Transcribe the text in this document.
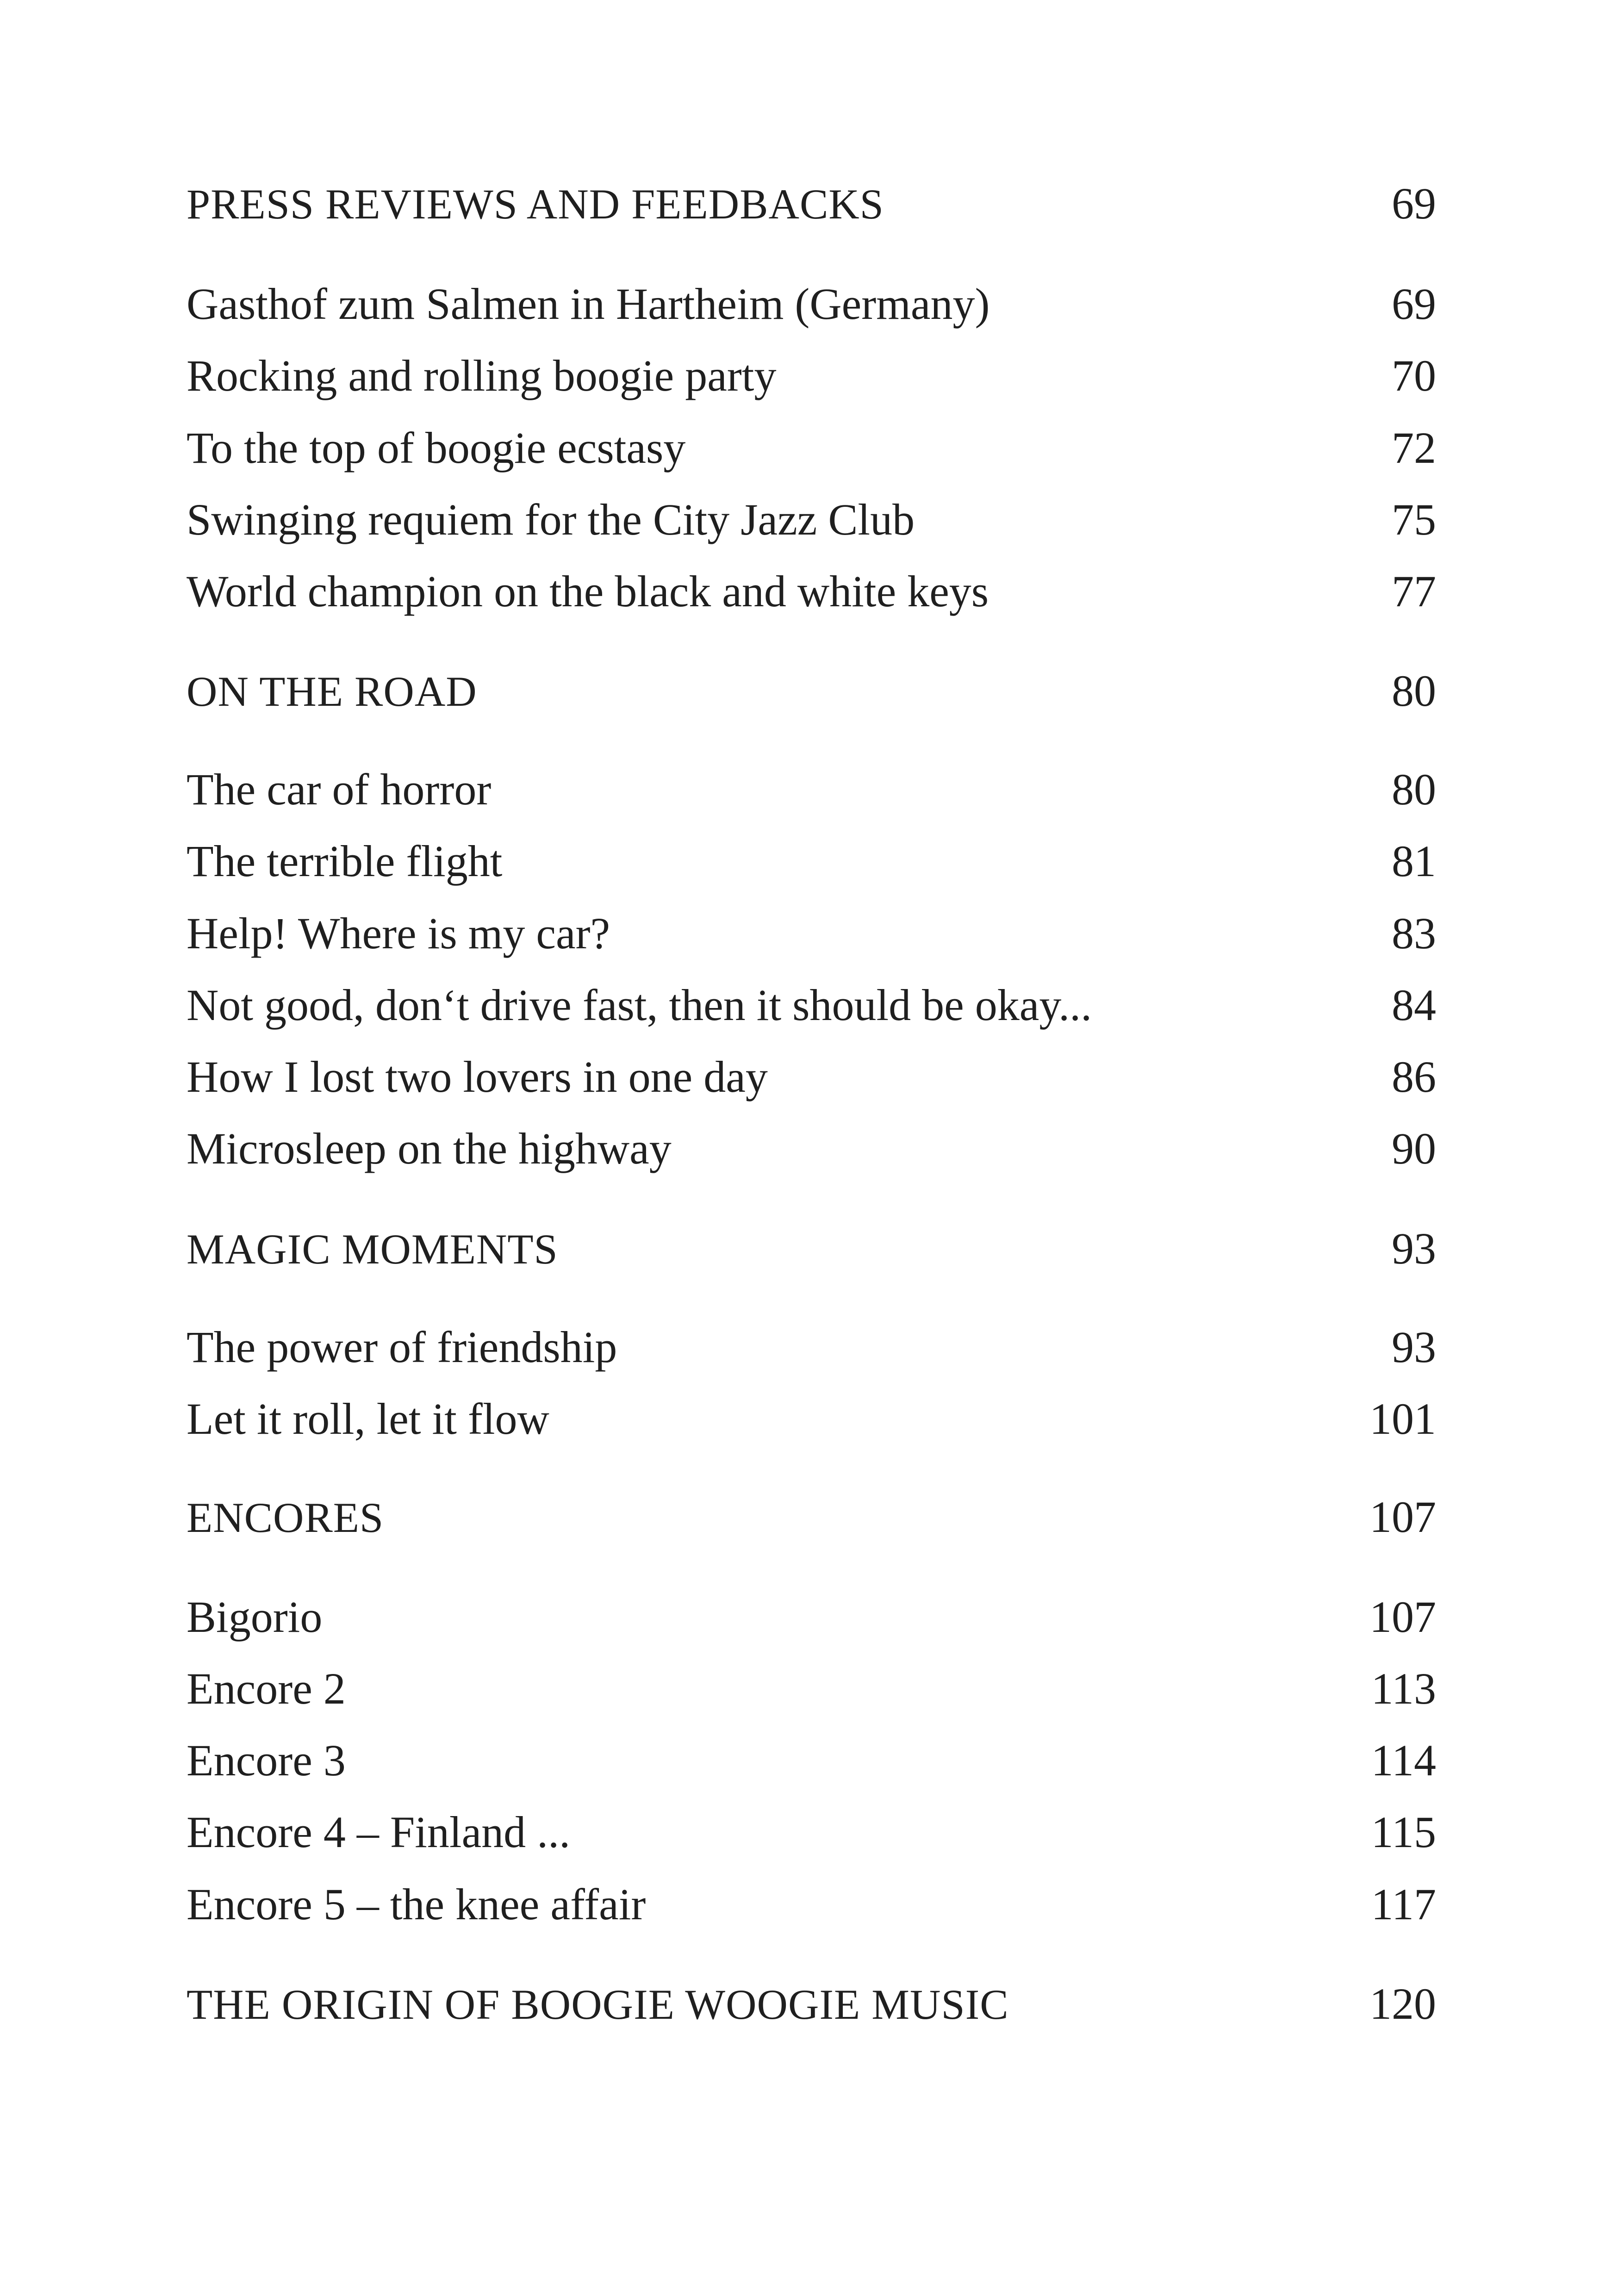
PRESS REVIEWS AND FEEDBACKS	69
Gasthof zum Salmen in Hartheim (Germany)	69
Rocking and rolling boogie party	70
To the top of boogie ecstasy	72
Swinging requiem for the City Jazz Club	75
World champion on the black and white keys	77
ON THE ROAD	80
The car of horror	80
The terrible flight	81
Help! Where is my car?	83
Not good, don‘t drive fast, then it should be okay...	84
How I lost two lovers in one day	86
Microsleep on the highway	90
MAGIC MOMENTS	93
The power of friendship	93
Let it roll, let it flow	101
ENCORES	107
Bigorio	107
Encore 2	113
Encore 3	114
Encore 4 – Finland ...	115
Encore 5 – the knee affair	117
THE ORIGIN OF BOOGIE WOOGIE MUSIC	120
